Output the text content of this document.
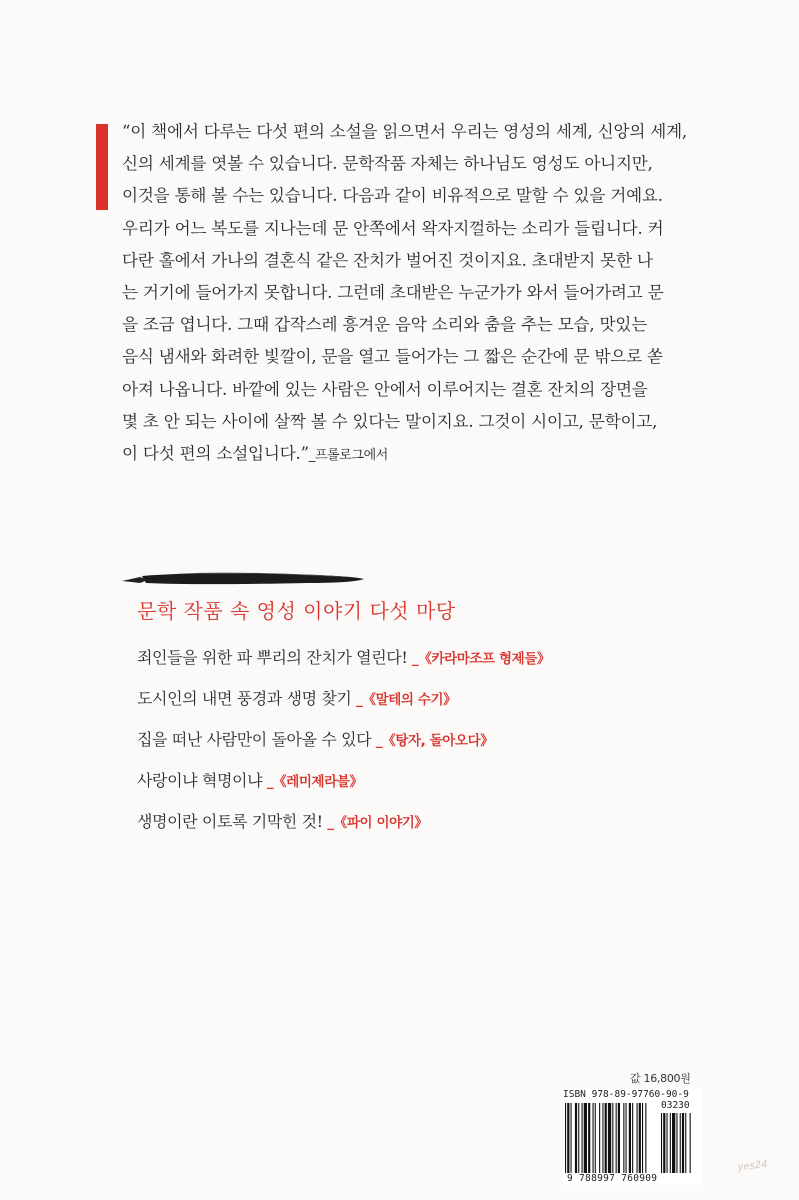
“이 책에서 다루는 다섯 편의 소설을 읽으면서 우리는 영성의 세계, 신앙의 세계,
신의 세계를 엿볼 수 있습니다. 문학작품 자체는 하나님도 영성도 아니지만,
이것을 통해 볼 수는 있습니다. 다음과 같이 비유적으로 말할 수 있을 거예요.
우리가 어느 복도를 지나는데 문 안쪽에서 왁자지껄하는 소리가 들립니다. 커
다란 홀에서 가나의 결혼식 같은 잔치가 벌어진 것이지요. 초대받지 못한 나
는 거기에 들어가지 못합니다. 그런데 초대받은 누군가가 와서 들어가려고 문
을 조금 엽니다. 그때 갑작스레 흥겨운 음악 소리와 춤을 추는 모습, 맛있는
음식 냄새와 화려한 빛깔이, 문을 열고 들어가는 그 짧은 순간에 문 밖으로 쏟
아져 나옵니다. 바깥에 있는 사람은 안에서 이루어지는 결혼 잔치의 장면을
몇 초 안 되는 사이에 살짝 볼 수 있다는 말이지요. 그것이 시이고, 문학이고,
이 다섯 편의 소설입니다.”_프롤로그에서
문학 작품 속 영성 이야기 다섯 마당
죄인들을 위한 파 뿌리의 잔치가 열린다! _《카라마조프 형제들》
도시인의 내면 풍경과 생명 찾기 _《말테의 수기》
집을 떠난 사람만이 돌아올 수 있다 _《탕자, 돌아오다》
사랑이냐 혁명이냐 _《레미제라블》
생명이란 이토록 기막힌 것! _《파이 이야기》
값 16,800원
ISBN 978-89-97760-90-9
03230
9 788997 760909
yes24
